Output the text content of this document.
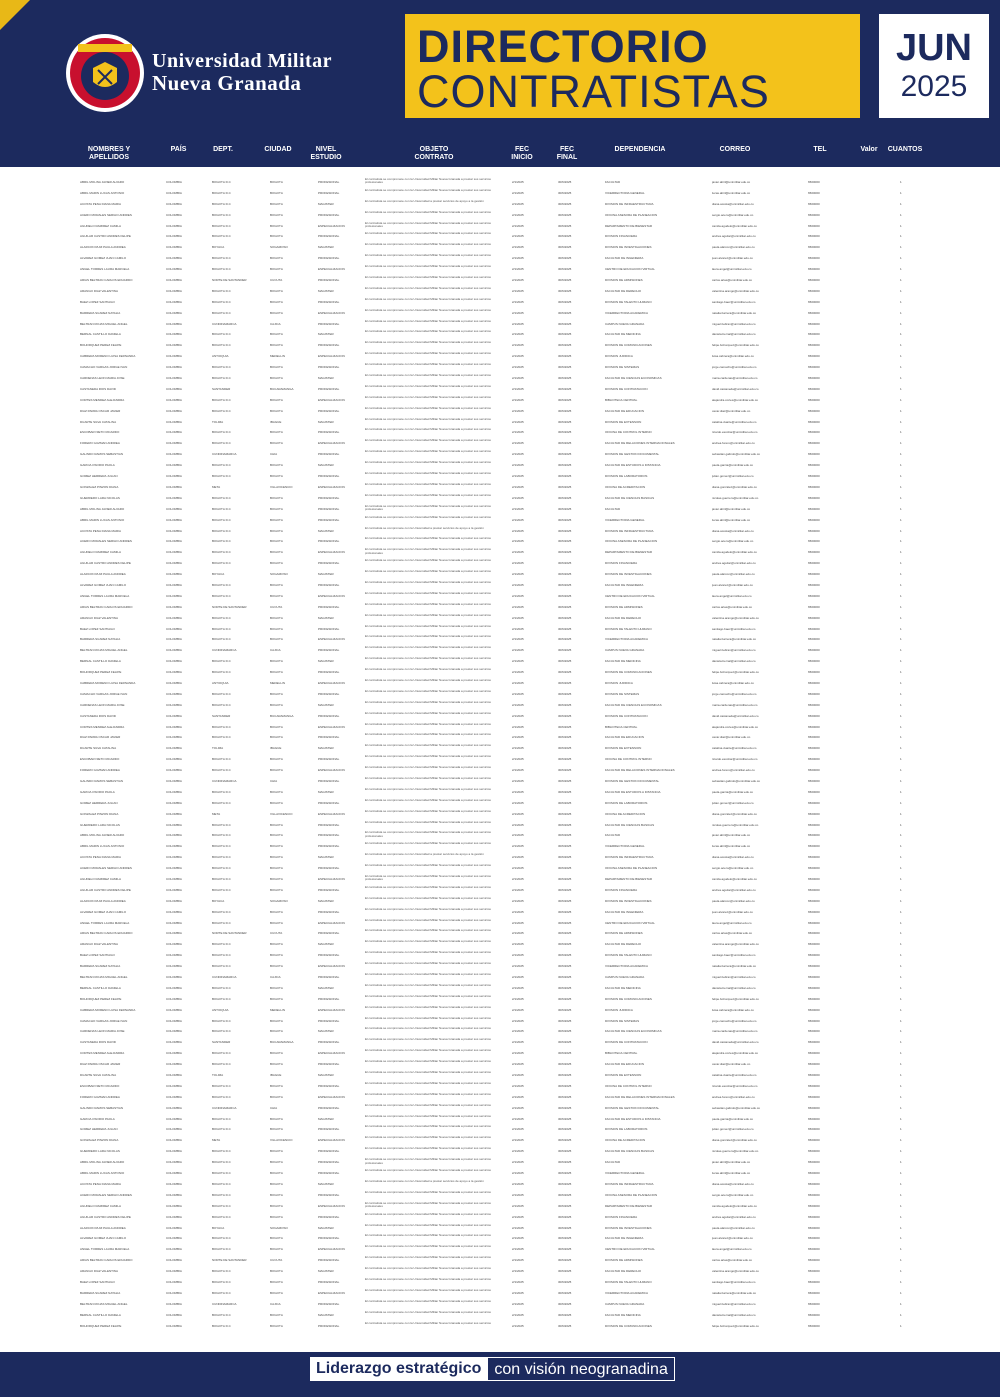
Universidad Militar
Nueva Granada
DIRECTORIO
CONTRATISTAS
JUN
2025
NOMBRES Y APELLIDOS
PAÍS	DEPT.	CIUDAD	NIVEL ESTUDIO
OBJETO CONTRATO
FEC INICIO
FEC FINAL
DEPENDENCIA	CORREO	TEL	Valor	CUANTOS
ABRIL MOLINA JAVIER ALVARO	COLOMBIA	BOGOTÁ D.C	BOGOTÁ	PROFESIONAL
El contratista se compromete con la Universidad Militar Nueva Granada a prestar sus servicios profesionales	2/1/2025	30/6/2025	FACULTAD	javier.abril@unimilitar.edu.co	6500000	1
ABRIL MARIN LUCAS ANTONIO	COLOMBIA	BOGOTÁ D.C	BOGOTÁ	PROFESIONAL
El contratista se compromete con la Universidad Militar Nueva Granada a prestar sus servicios
2/1/2025	30/6/2025	VICERRECTORIA GENERAL	lucas.abril@unimilitar.edu.co	6500000	1
ACOSTA PEÑA DIANA MARIA	COLOMBIA	BOGOTÁ D.C	BOGOTÁ	MAGISTER
El contratista se compromete con la Universidad a prestar servicios de apoyo a la gestión
2/1/2025	30/6/2025	DIVISIÓN DE INFRAESTRUCTURA	diana.acosta@unimilitar.edu.co	6500000	1
ACERO MORALES SERGIO ANDRES	COLOMBIA	BOGOTÁ D.C	BOGOTÁ	PROFESIONAL
El contratista se compromete con la Universidad Militar Nueva Granada a prestar sus servicios
2/1/2025	30/6/2025	OFICINA ASESORA DE PLANEACIÓN	sergio.acero@unimilitar.edu.co	6500000	1
AGUDELO RAMIREZ CAMILA	COLOMBIA	BOGOTÁ D.C	BOGOTÁ	ESPECIALIZACIÓN
El contratista se compromete con la Universidad Militar Nueva Granada a prestar sus servicios profesionales	2/1/2025	30/6/2025	DEPARTAMENTO DE BIENESTAR	camila.agudelo@unimilitar.edu.co	6500000	1
AGUILAR CASTRO ANDRES FELIPE	COLOMBIA	BOGOTÁ D.C	BOGOTÁ	PROFESIONAL
El contratista se compromete con la Universidad Militar Nueva Granada a prestar sus servicios
2/1/2025	30/6/2025	DIVISIÓN FINANCIERA	andres.aguilar@unimilitar.edu.co	6500000	1
ALARCON RUIZ PAULA ANDREA	COLOMBIA	BOYACÁ	SOGAMOSO	MAGISTER
El contratista se compromete con la Universidad Militar Nueva Granada a prestar sus servicios
2/1/2025	30/6/2025	DIVISIÓN DE INVESTIGACIONES	paula.alarcon@unimilitar.edu.co	6500000	1
ALVAREZ GOMEZ JUAN CAMILO	COLOMBIA	BOGOTÁ D.C	BOGOTÁ	PROFESIONAL
El contratista se compromete con la Universidad Militar Nueva Granada a prestar sus servicios
2/1/2025	30/6/2025	FACULTAD DE INGENIERÍA	juan.alvarez@unimilitar.edu.co	6500000	1
ANGEL TORRES LAURA MARCELA	COLOMBIA	BOGOTÁ D.C	BOGOTÁ	ESPECIALIZACIÓN
El contratista se compromete con la Universidad Militar Nueva Granada a prestar sus servicios
2/1/2025	30/6/2025	CENTRO DE EDUCACIÓN VIRTUAL	laura.angel@unimilitar.edu.co	6500000	1
ARIAS BELTRAN CARLOS EDUARDO	COLOMBIA	NORTE DE SANTANDER	CÚCUTA	PROFESIONAL
El contratista se compromete con la Universidad Militar Nueva Granada a prestar sus servicios
2/1/2025	30/6/2025	DIVISIÓN DE ADMISIONES	carlos.arias@unimilitar.edu.co	6500000	1
ARANGO DIAZ VALENTINA	COLOMBIA	BOGOTÁ D.C	BOGOTÁ	MAGISTER
El contratista se compromete con la Universidad Militar Nueva Granada a prestar sus servicios
2/1/2025	30/6/2025	FACULTAD DE DERECHO	valentina.arango@unimilitar.edu.co	6500000	1
BAEZ LOPEZ SANTIAGO	COLOMBIA	BOGOTÁ D.C	BOGOTÁ	PROFESIONAL
El contratista se compromete con la Universidad Militar Nueva Granada a prestar sus servicios
2/1/2025	30/6/2025	DIVISIÓN DE TALENTO HUMANO	santiago.baez@unimilitar.edu.co	6500000	1
BARRERA SUAREZ NATALIA	COLOMBIA	BOGOTÁ D.C	BOGOTÁ	ESPECIALIZACIÓN
El contratista se compromete con la Universidad Militar Nueva Granada a prestar sus servicios
2/1/2025	30/6/2025	VICERRECTORIA ACADÉMICA	natalia.barrera@unimilitar.edu.co	6500000	1
BELTRAN ROJAS MIGUEL ANGEL	COLOMBIA	CUNDINAMARCA	CAJICÁ	PROFESIONAL
El contratista se compromete con la Universidad Militar Nueva Granada a prestar sus servicios
2/1/2025	30/6/2025	CAMPUS NUEVA GRANADA	miguel.beltran@unimilitar.edu.co	6500000	1
BERNAL CASTILLO DANIELA	COLOMBIA	BOGOTÁ D.C	BOGOTÁ	MAGISTER
El contratista se compromete con la Universidad Militar Nueva Granada a prestar sus servicios
2/1/2025	30/6/2025	FACULTAD DE MEDICINA	daniela.bernal@unimilitar.edu.co	6500000	1
BOHORQUEZ PEREZ FELIPE	COLOMBIA	BOGOTÁ D.C	BOGOTÁ	PROFESIONAL
El contratista se compromete con la Universidad Militar Nueva Granada a prestar sus servicios
2/1/2025	30/6/2025	DIVISIÓN DE COMUNICACIONES	felipe.bohorquez@unimilitar.edu.co	6500000	1
CABRERA MORENO LUISA FERNANDA	COLOMBIA	ANTIOQUIA	MEDELLÍN	ESPECIALIZACIÓN
El contratista se compromete con la Universidad Militar Nueva Granada a prestar sus servicios
2/1/2025	30/6/2025	DIVISIÓN JURÍDICA	luisa.cabrera@unimilitar.edu.co	6500000	1
CAMACHO VARGAS JORGE IVAN	COLOMBIA	BOGOTÁ D.C	BOGOTÁ	PROFESIONAL
El contratista se compromete con la Universidad Militar Nueva Granada a prestar sus servicios
2/1/2025	30/6/2025	DIVISIÓN DE SISTEMAS	jorge.camacho@unimilitar.edu.co	6500000	1
CARDENAS LEON MARIA JOSE	COLOMBIA	BOGOTÁ D.C	BOGOTÁ	MAGISTER
El contratista se compromete con la Universidad Militar Nueva Granada a prestar sus servicios
2/1/2025	30/6/2025	FACULTAD DE CIENCIAS ECONÓMICAS	maria.cardenas@unimilitar.edu.co	6500000	1
CASTAÑEDA RIOS DAVID	COLOMBIA	SANTANDER	BUCARAMANGA	PROFESIONAL
El contratista se compromete con la Universidad Militar Nueva Granada a prestar sus servicios
2/1/2025	30/6/2025	DIVISIÓN DE CONTRATACIÓN	david.castaneda@unimilitar.edu.co	6500000	1
CORTES MENDEZ ALEJANDRA	COLOMBIA	BOGOTÁ D.C	BOGOTÁ	ESPECIALIZACIÓN
El contratista se compromete con la Universidad Militar Nueva Granada a prestar sus servicios
2/1/2025	30/6/2025	BIBLIOTECA CENTRAL	alejandra.cortes@unimilitar.edu.co	6500000	1
DIAZ PARRA OSCAR JAVIER	COLOMBIA	BOGOTÁ D.C	BOGOTÁ	PROFESIONAL
El contratista se compromete con la Universidad Militar Nueva Granada a prestar sus servicios
2/1/2025	30/6/2025	FACULTAD DE EDUCACIÓN	oscar.diaz@unimilitar.edu.co	6500000	1
DUARTE SILVA CATALINA	COLOMBIA	TOLIMA	IBAGUÉ	MAGISTER
El contratista se compromete con la Universidad Militar Nueva Granada a prestar sus servicios
2/1/2025	30/6/2025	DIVISIÓN DE EXTENSIÓN	catalina.duarte@unimilitar.edu.co	6500000	1
ESCOBAR NIETO RICARDO	COLOMBIA	BOGOTÁ D.C	BOGOTÁ	PROFESIONAL
El contratista se compromete con la Universidad Militar Nueva Granada a prestar sus servicios
2/1/2025	30/6/2025	OFICINA DE CONTROL INTERNO	ricardo.escobar@unimilitar.edu.co	6500000	1
FORERO GUZMAN ANDREA	COLOMBIA	BOGOTÁ D.C	BOGOTÁ	ESPECIALIZACIÓN
El contratista se compromete con la Universidad Militar Nueva Granada a prestar sus servicios
2/1/2025	30/6/2025	FACULTAD DE RELACIONES INTERNACIONALES	andrea.forero@unimilitar.edu.co	6500000	1
GALINDO RAMOS SEBASTIAN	COLOMBIA	CUNDINAMARCA	CHÍA	PROFESIONAL
El contratista se compromete con la Universidad Militar Nueva Granada a prestar sus servicios
2/1/2025	30/6/2025	DIVISIÓN DE GESTIÓN DOCUMENTAL	sebastian.galindo@unimilitar.edu.co	6500000	1
GARCIA OSORIO PAOLA	COLOMBIA	BOGOTÁ D.C	BOGOTÁ	MAGISTER
El contratista se compromete con la Universidad Militar Nueva Granada a prestar sus servicios
2/1/2025	30/6/2025	FACULTAD DE ESTUDIOS A DISTANCIA	paola.garcia@unimilitar.edu.co	6500000	1
GOMEZ HERRERA JULIAN	COLOMBIA	BOGOTÁ D.C	BOGOTÁ	PROFESIONAL
El contratista se compromete con la Universidad Militar Nueva Granada a prestar sus servicios
2/1/2025	30/6/2025	DIVISIÓN DE LABORATORIOS	julian.gomez@unimilitar.edu.co	6500000	1
GONZALEZ PINZON DIANA	COLOMBIA	META	VILLAVICENCIO	ESPECIALIZACIÓN
El contratista se compromete con la Universidad Militar Nueva Granada a prestar sus servicios
2/1/2025	30/6/2025	OFICINA DE ACREDITACIÓN	diana.gonzalez@unimilitar.edu.co	6500000	1
GUERRERO LARA NICOLAS	COLOMBIA	BOGOTÁ D.C	BOGOTÁ	PROFESIONAL
El contratista se compromete con la Universidad Militar Nueva Granada a prestar sus servicios
2/1/2025	30/6/2025	FACULTAD DE CIENCIAS BÁSICAS	nicolas.guerrero@unimilitar.edu.co	6500000	1
ABRIL MOLINA JAVIER ALVARO	COLOMBIA	BOGOTÁ D.C	BOGOTÁ	PROFESIONAL
El contratista se compromete con la Universidad Militar Nueva Granada a prestar sus servicios profesionales	2/1/2025	30/6/2025	FACULTAD	javier.abril@unimilitar.edu.co	6500000	1
ABRIL MARIN LUCAS ANTONIO	COLOMBIA	BOGOTÁ D.C	BOGOTÁ	PROFESIONAL
El contratista se compromete con la Universidad Militar Nueva Granada a prestar sus servicios
2/1/2025	30/6/2025	VICERRECTORIA GENERAL	lucas.abril@unimilitar.edu.co	6500000	1
ACOSTA PEÑA DIANA MARIA	COLOMBIA	BOGOTÁ D.C	BOGOTÁ	MAGISTER
El contratista se compromete con la Universidad a prestar servicios de apoyo a la gestión
2/1/2025	30/6/2025	DIVISIÓN DE INFRAESTRUCTURA	diana.acosta@unimilitar.edu.co	6500000	1
ACERO MORALES SERGIO ANDRES	COLOMBIA	BOGOTÁ D.C	BOGOTÁ	PROFESIONAL
El contratista se compromete con la Universidad Militar Nueva Granada a prestar sus servicios
2/1/2025	30/6/2025	OFICINA ASESORA DE PLANEACIÓN	sergio.acero@unimilitar.edu.co	6500000	1
AGUDELO RAMIREZ CAMILA	COLOMBIA	BOGOTÁ D.C	BOGOTÁ	ESPECIALIZACIÓN
El contratista se compromete con la Universidad Militar Nueva Granada a prestar sus servicios profesionales	2/1/2025	30/6/2025	DEPARTAMENTO DE BIENESTAR	camila.agudelo@unimilitar.edu.co	6500000	1
AGUILAR CASTRO ANDRES FELIPE	COLOMBIA	BOGOTÁ D.C	BOGOTÁ	PROFESIONAL
El contratista se compromete con la Universidad Militar Nueva Granada a prestar sus servicios
2/1/2025	30/6/2025	DIVISIÓN FINANCIERA	andres.aguilar@unimilitar.edu.co	6500000	1
ALARCON RUIZ PAULA ANDREA	COLOMBIA	BOYACÁ	SOGAMOSO	MAGISTER
El contratista se compromete con la Universidad Militar Nueva Granada a prestar sus servicios
2/1/2025	30/6/2025	DIVISIÓN DE INVESTIGACIONES	paula.alarcon@unimilitar.edu.co	6500000	1
ALVAREZ GOMEZ JUAN CAMILO	COLOMBIA	BOGOTÁ D.C	BOGOTÁ	PROFESIONAL
El contratista se compromete con la Universidad Militar Nueva Granada a prestar sus servicios
2/1/2025	30/6/2025	FACULTAD DE INGENIERÍA	juan.alvarez@unimilitar.edu.co	6500000	1
ANGEL TORRES LAURA MARCELA	COLOMBIA	BOGOTÁ D.C	BOGOTÁ	ESPECIALIZACIÓN
El contratista se compromete con la Universidad Militar Nueva Granada a prestar sus servicios
2/1/2025	30/6/2025	CENTRO DE EDUCACIÓN VIRTUAL	laura.angel@unimilitar.edu.co	6500000	1
ARIAS BELTRAN CARLOS EDUARDO	COLOMBIA	NORTE DE SANTANDER	CÚCUTA	PROFESIONAL
El contratista se compromete con la Universidad Militar Nueva Granada a prestar sus servicios
2/1/2025	30/6/2025	DIVISIÓN DE ADMISIONES	carlos.arias@unimilitar.edu.co	6500000	1
ARANGO DIAZ VALENTINA	COLOMBIA	BOGOTÁ D.C	BOGOTÁ	MAGISTER
El contratista se compromete con la Universidad Militar Nueva Granada a prestar sus servicios
2/1/2025	30/6/2025	FACULTAD DE DERECHO	valentina.arango@unimilitar.edu.co	6500000	1
BAEZ LOPEZ SANTIAGO	COLOMBIA	BOGOTÁ D.C	BOGOTÁ	PROFESIONAL
El contratista se compromete con la Universidad Militar Nueva Granada a prestar sus servicios
2/1/2025	30/6/2025	DIVISIÓN DE TALENTO HUMANO	santiago.baez@unimilitar.edu.co	6500000	1
BARRERA SUAREZ NATALIA	COLOMBIA	BOGOTÁ D.C	BOGOTÁ	ESPECIALIZACIÓN
El contratista se compromete con la Universidad Militar Nueva Granada a prestar sus servicios
2/1/2025	30/6/2025	VICERRECTORIA ACADÉMICA	natalia.barrera@unimilitar.edu.co	6500000	1
BELTRAN ROJAS MIGUEL ANGEL	COLOMBIA	CUNDINAMARCA	CAJICÁ	PROFESIONAL
El contratista se compromete con la Universidad Militar Nueva Granada a prestar sus servicios
2/1/2025	30/6/2025	CAMPUS NUEVA GRANADA	miguel.beltran@unimilitar.edu.co	6500000	1
BERNAL CASTILLO DANIELA	COLOMBIA	BOGOTÁ D.C	BOGOTÁ	MAGISTER
El contratista se compromete con la Universidad Militar Nueva Granada a prestar sus servicios
2/1/2025	30/6/2025	FACULTAD DE MEDICINA	daniela.bernal@unimilitar.edu.co	6500000	1
BOHORQUEZ PEREZ FELIPE	COLOMBIA	BOGOTÁ D.C	BOGOTÁ	PROFESIONAL
El contratista se compromete con la Universidad Militar Nueva Granada a prestar sus servicios
2/1/2025	30/6/2025	DIVISIÓN DE COMUNICACIONES	felipe.bohorquez@unimilitar.edu.co	6500000	1
CABRERA MORENO LUISA FERNANDA	COLOMBIA	ANTIOQUIA	MEDELLÍN	ESPECIALIZACIÓN
El contratista se compromete con la Universidad Militar Nueva Granada a prestar sus servicios
2/1/2025	30/6/2025	DIVISIÓN JURÍDICA	luisa.cabrera@unimilitar.edu.co	6500000	1
CAMACHO VARGAS JORGE IVAN	COLOMBIA	BOGOTÁ D.C	BOGOTÁ	PROFESIONAL
El contratista se compromete con la Universidad Militar Nueva Granada a prestar sus servicios
2/1/2025	30/6/2025	DIVISIÓN DE SISTEMAS	jorge.camacho@unimilitar.edu.co	6500000	1
CARDENAS LEON MARIA JOSE	COLOMBIA	BOGOTÁ D.C	BOGOTÁ	MAGISTER
El contratista se compromete con la Universidad Militar Nueva Granada a prestar sus servicios
2/1/2025	30/6/2025	FACULTAD DE CIENCIAS ECONÓMICAS	maria.cardenas@unimilitar.edu.co	6500000	1
CASTAÑEDA RIOS DAVID	COLOMBIA	SANTANDER	BUCARAMANGA	PROFESIONAL
El contratista se compromete con la Universidad Militar Nueva Granada a prestar sus servicios
2/1/2025	30/6/2025	DIVISIÓN DE CONTRATACIÓN	david.castaneda@unimilitar.edu.co	6500000	1
CORTES MENDEZ ALEJANDRA	COLOMBIA	BOGOTÁ D.C	BOGOTÁ	ESPECIALIZACIÓN
El contratista se compromete con la Universidad Militar Nueva Granada a prestar sus servicios
2/1/2025	30/6/2025	BIBLIOTECA CENTRAL	alejandra.cortes@unimilitar.edu.co	6500000	1
DIAZ PARRA OSCAR JAVIER	COLOMBIA	BOGOTÁ D.C	BOGOTÁ	PROFESIONAL
El contratista se compromete con la Universidad Militar Nueva Granada a prestar sus servicios
2/1/2025	30/6/2025	FACULTAD DE EDUCACIÓN	oscar.diaz@unimilitar.edu.co	6500000	1
DUARTE SILVA CATALINA	COLOMBIA	TOLIMA	IBAGUÉ	MAGISTER
El contratista se compromete con la Universidad Militar Nueva Granada a prestar sus servicios
2/1/2025	30/6/2025	DIVISIÓN DE EXTENSIÓN	catalina.duarte@unimilitar.edu.co	6500000	1
ESCOBAR NIETO RICARDO	COLOMBIA	BOGOTÁ D.C	BOGOTÁ	PROFESIONAL
El contratista se compromete con la Universidad Militar Nueva Granada a prestar sus servicios
2/1/2025	30/6/2025	OFICINA DE CONTROL INTERNO	ricardo.escobar@unimilitar.edu.co	6500000	1
FORERO GUZMAN ANDREA	COLOMBIA	BOGOTÁ D.C	BOGOTÁ	ESPECIALIZACIÓN
El contratista se compromete con la Universidad Militar Nueva Granada a prestar sus servicios
2/1/2025	30/6/2025	FACULTAD DE RELACIONES INTERNACIONALES	andrea.forero@unimilitar.edu.co	6500000	1
GALINDO RAMOS SEBASTIAN	COLOMBIA	CUNDINAMARCA	CHÍA	PROFESIONAL
El contratista se compromete con la Universidad Militar Nueva Granada a prestar sus servicios
2/1/2025	30/6/2025	DIVISIÓN DE GESTIÓN DOCUMENTAL	sebastian.galindo@unimilitar.edu.co	6500000	1
GARCIA OSORIO PAOLA	COLOMBIA	BOGOTÁ D.C	BOGOTÁ	MAGISTER
El contratista se compromete con la Universidad Militar Nueva Granada a prestar sus servicios
2/1/2025	30/6/2025	FACULTAD DE ESTUDIOS A DISTANCIA	paola.garcia@unimilitar.edu.co	6500000	1
GOMEZ HERRERA JULIAN	COLOMBIA	BOGOTÁ D.C	BOGOTÁ	PROFESIONAL
El contratista se compromete con la Universidad Militar Nueva Granada a prestar sus servicios
2/1/2025	30/6/2025	DIVISIÓN DE LABORATORIOS	julian.gomez@unimilitar.edu.co	6500000	1
GONZALEZ PINZON DIANA	COLOMBIA	META	VILLAVICENCIO	ESPECIALIZACIÓN
El contratista se compromete con la Universidad Militar Nueva Granada a prestar sus servicios
2/1/2025	30/6/2025	OFICINA DE ACREDITACIÓN	diana.gonzalez@unimilitar.edu.co	6500000	1
GUERRERO LARA NICOLAS	COLOMBIA	BOGOTÁ D.C	BOGOTÁ	PROFESIONAL
El contratista se compromete con la Universidad Militar Nueva Granada a prestar sus servicios
2/1/2025	30/6/2025	FACULTAD DE CIENCIAS BÁSICAS	nicolas.guerrero@unimilitar.edu.co	6500000	1
ABRIL MOLINA JAVIER ALVARO	COLOMBIA	BOGOTÁ D.C	BOGOTÁ	PROFESIONAL
El contratista se compromete con la Universidad Militar Nueva Granada a prestar sus servicios profesionales	2/1/2025	30/6/2025	FACULTAD	javier.abril@unimilitar.edu.co	6500000	1
ABRIL MARIN LUCAS ANTONIO	COLOMBIA	BOGOTÁ D.C	BOGOTÁ	PROFESIONAL
El contratista se compromete con la Universidad Militar Nueva Granada a prestar sus servicios
2/1/2025	30/6/2025	VICERRECTORIA GENERAL	lucas.abril@unimilitar.edu.co	6500000	1
ACOSTA PEÑA DIANA MARIA	COLOMBIA	BOGOTÁ D.C	BOGOTÁ	MAGISTER
El contratista se compromete con la Universidad a prestar servicios de apoyo a la gestión
2/1/2025	30/6/2025	DIVISIÓN DE INFRAESTRUCTURA	diana.acosta@unimilitar.edu.co	6500000	1
ACERO MORALES SERGIO ANDRES	COLOMBIA	BOGOTÁ D.C	BOGOTÁ	PROFESIONAL
El contratista se compromete con la Universidad Militar Nueva Granada a prestar sus servicios
2/1/2025	30/6/2025	OFICINA ASESORA DE PLANEACIÓN	sergio.acero@unimilitar.edu.co	6500000	1
AGUDELO RAMIREZ CAMILA	COLOMBIA	BOGOTÁ D.C	BOGOTÁ	ESPECIALIZACIÓN
El contratista se compromete con la Universidad Militar Nueva Granada a prestar sus servicios profesionales	2/1/2025	30/6/2025	DEPARTAMENTO DE BIENESTAR	camila.agudelo@unimilitar.edu.co	6500000	1
AGUILAR CASTRO ANDRES FELIPE	COLOMBIA	BOGOTÁ D.C	BOGOTÁ	PROFESIONAL
El contratista se compromete con la Universidad Militar Nueva Granada a prestar sus servicios
2/1/2025	30/6/2025	DIVISIÓN FINANCIERA	andres.aguilar@unimilitar.edu.co	6500000	1
ALARCON RUIZ PAULA ANDREA	COLOMBIA	BOYACÁ	SOGAMOSO	MAGISTER
El contratista se compromete con la Universidad Militar Nueva Granada a prestar sus servicios
2/1/2025	30/6/2025	DIVISIÓN DE INVESTIGACIONES	paula.alarcon@unimilitar.edu.co	6500000	1
ALVAREZ GOMEZ JUAN CAMILO	COLOMBIA	BOGOTÁ D.C	BOGOTÁ	PROFESIONAL
El contratista se compromete con la Universidad Militar Nueva Granada a prestar sus servicios
2/1/2025	30/6/2025	FACULTAD DE INGENIERÍA	juan.alvarez@unimilitar.edu.co	6500000	1
ANGEL TORRES LAURA MARCELA	COLOMBIA	BOGOTÁ D.C	BOGOTÁ	ESPECIALIZACIÓN
El contratista se compromete con la Universidad Militar Nueva Granada a prestar sus servicios
2/1/2025	30/6/2025	CENTRO DE EDUCACIÓN VIRTUAL	laura.angel@unimilitar.edu.co	6500000	1
ARIAS BELTRAN CARLOS EDUARDO	COLOMBIA	NORTE DE SANTANDER	CÚCUTA	PROFESIONAL
El contratista se compromete con la Universidad Militar Nueva Granada a prestar sus servicios
2/1/2025	30/6/2025	DIVISIÓN DE ADMISIONES	carlos.arias@unimilitar.edu.co	6500000	1
ARANGO DIAZ VALENTINA	COLOMBIA	BOGOTÁ D.C	BOGOTÁ	MAGISTER
El contratista se compromete con la Universidad Militar Nueva Granada a prestar sus servicios
2/1/2025	30/6/2025	FACULTAD DE DERECHO	valentina.arango@unimilitar.edu.co	6500000	1
BAEZ LOPEZ SANTIAGO	COLOMBIA	BOGOTÁ D.C	BOGOTÁ	PROFESIONAL
El contratista se compromete con la Universidad Militar Nueva Granada a prestar sus servicios
2/1/2025	30/6/2025	DIVISIÓN DE TALENTO HUMANO	santiago.baez@unimilitar.edu.co	6500000	1
BARRERA SUAREZ NATALIA	COLOMBIA	BOGOTÁ D.C	BOGOTÁ	ESPECIALIZACIÓN
El contratista se compromete con la Universidad Militar Nueva Granada a prestar sus servicios
2/1/2025	30/6/2025	VICERRECTORIA ACADÉMICA	natalia.barrera@unimilitar.edu.co	6500000	1
BELTRAN ROJAS MIGUEL ANGEL	COLOMBIA	CUNDINAMARCA	CAJICÁ	PROFESIONAL
El contratista se compromete con la Universidad Militar Nueva Granada a prestar sus servicios
2/1/2025	30/6/2025	CAMPUS NUEVA GRANADA	miguel.beltran@unimilitar.edu.co	6500000	1
BERNAL CASTILLO DANIELA	COLOMBIA	BOGOTÁ D.C	BOGOTÁ	MAGISTER
El contratista se compromete con la Universidad Militar Nueva Granada a prestar sus servicios
2/1/2025	30/6/2025	FACULTAD DE MEDICINA	daniela.bernal@unimilitar.edu.co	6500000	1
BOHORQUEZ PEREZ FELIPE	COLOMBIA	BOGOTÁ D.C	BOGOTÁ	PROFESIONAL
El contratista se compromete con la Universidad Militar Nueva Granada a prestar sus servicios
2/1/2025	30/6/2025	DIVISIÓN DE COMUNICACIONES	felipe.bohorquez@unimilitar.edu.co	6500000	1
CABRERA MORENO LUISA FERNANDA	COLOMBIA	ANTIOQUIA	MEDELLÍN	ESPECIALIZACIÓN
El contratista se compromete con la Universidad Militar Nueva Granada a prestar sus servicios
2/1/2025	30/6/2025	DIVISIÓN JURÍDICA	luisa.cabrera@unimilitar.edu.co	6500000	1
CAMACHO VARGAS JORGE IVAN	COLOMBIA	BOGOTÁ D.C	BOGOTÁ	PROFESIONAL
El contratista se compromete con la Universidad Militar Nueva Granada a prestar sus servicios
2/1/2025	30/6/2025	DIVISIÓN DE SISTEMAS	jorge.camacho@unimilitar.edu.co	6500000	1
CARDENAS LEON MARIA JOSE	COLOMBIA	BOGOTÁ D.C	BOGOTÁ	MAGISTER
El contratista se compromete con la Universidad Militar Nueva Granada a prestar sus servicios
2/1/2025	30/6/2025	FACULTAD DE CIENCIAS ECONÓMICAS	maria.cardenas@unimilitar.edu.co	6500000	1
CASTAÑEDA RIOS DAVID	COLOMBIA	SANTANDER	BUCARAMANGA	PROFESIONAL
El contratista se compromete con la Universidad Militar Nueva Granada a prestar sus servicios
2/1/2025	30/6/2025	DIVISIÓN DE CONTRATACIÓN	david.castaneda@unimilitar.edu.co	6500000	1
CORTES MENDEZ ALEJANDRA	COLOMBIA	BOGOTÁ D.C	BOGOTÁ	ESPECIALIZACIÓN
El contratista se compromete con la Universidad Militar Nueva Granada a prestar sus servicios
2/1/2025	30/6/2025	BIBLIOTECA CENTRAL	alejandra.cortes@unimilitar.edu.co	6500000	1
DIAZ PARRA OSCAR JAVIER	COLOMBIA	BOGOTÁ D.C	BOGOTÁ	PROFESIONAL
El contratista se compromete con la Universidad Militar Nueva Granada a prestar sus servicios
2/1/2025	30/6/2025	FACULTAD DE EDUCACIÓN	oscar.diaz@unimilitar.edu.co	6500000	1
DUARTE SILVA CATALINA	COLOMBIA	TOLIMA	IBAGUÉ	MAGISTER
El contratista se compromete con la Universidad Militar Nueva Granada a prestar sus servicios
2/1/2025	30/6/2025	DIVISIÓN DE EXTENSIÓN	catalina.duarte@unimilitar.edu.co	6500000	1
ESCOBAR NIETO RICARDO	COLOMBIA	BOGOTÁ D.C	BOGOTÁ	PROFESIONAL
El contratista se compromete con la Universidad Militar Nueva Granada a prestar sus servicios
2/1/2025	30/6/2025	OFICINA DE CONTROL INTERNO	ricardo.escobar@unimilitar.edu.co	6500000	1
FORERO GUZMAN ANDREA	COLOMBIA	BOGOTÁ D.C	BOGOTÁ	ESPECIALIZACIÓN
El contratista se compromete con la Universidad Militar Nueva Granada a prestar sus servicios
2/1/2025	30/6/2025	FACULTAD DE RELACIONES INTERNACIONALES	andrea.forero@unimilitar.edu.co	6500000	1
GALINDO RAMOS SEBASTIAN	COLOMBIA	CUNDINAMARCA	CHÍA	PROFESIONAL
El contratista se compromete con la Universidad Militar Nueva Granada a prestar sus servicios
2/1/2025	30/6/2025	DIVISIÓN DE GESTIÓN DOCUMENTAL	sebastian.galindo@unimilitar.edu.co	6500000	1
GARCIA OSORIO PAOLA	COLOMBIA	BOGOTÁ D.C	BOGOTÁ	MAGISTER
El contratista se compromete con la Universidad Militar Nueva Granada a prestar sus servicios
2/1/2025	30/6/2025	FACULTAD DE ESTUDIOS A DISTANCIA	paola.garcia@unimilitar.edu.co	6500000	1
GOMEZ HERRERA JULIAN	COLOMBIA	BOGOTÁ D.C	BOGOTÁ	PROFESIONAL
El contratista se compromete con la Universidad Militar Nueva Granada a prestar sus servicios
2/1/2025	30/6/2025	DIVISIÓN DE LABORATORIOS	julian.gomez@unimilitar.edu.co	6500000	1
GONZALEZ PINZON DIANA	COLOMBIA	META	VILLAVICENCIO	ESPECIALIZACIÓN
El contratista se compromete con la Universidad Militar Nueva Granada a prestar sus servicios
2/1/2025	30/6/2025	OFICINA DE ACREDITACIÓN	diana.gonzalez@unimilitar.edu.co	6500000	1
GUERRERO LARA NICOLAS	COLOMBIA	BOGOTÁ D.C	BOGOTÁ	PROFESIONAL
El contratista se compromete con la Universidad Militar Nueva Granada a prestar sus servicios
2/1/2025	30/6/2025	FACULTAD DE CIENCIAS BÁSICAS	nicolas.guerrero@unimilitar.edu.co	6500000	1
ABRIL MOLINA JAVIER ALVARO	COLOMBIA	BOGOTÁ D.C	BOGOTÁ	PROFESIONAL
El contratista se compromete con la Universidad Militar Nueva Granada a prestar sus servicios profesionales	2/1/2025	30/6/2025	FACULTAD	javier.abril@unimilitar.edu.co	6500000	1
ABRIL MARIN LUCAS ANTONIO	COLOMBIA	BOGOTÁ D.C	BOGOTÁ	PROFESIONAL
El contratista se compromete con la Universidad Militar Nueva Granada a prestar sus servicios
2/1/2025	30/6/2025	VICERRECTORIA GENERAL	lucas.abril@unimilitar.edu.co	6500000	1
ACOSTA PEÑA DIANA MARIA	COLOMBIA	BOGOTÁ D.C	BOGOTÁ	MAGISTER
El contratista se compromete con la Universidad a prestar servicios de apoyo a la gestión
2/1/2025	30/6/2025	DIVISIÓN DE INFRAESTRUCTURA	diana.acosta@unimilitar.edu.co	6500000	1
ACERO MORALES SERGIO ANDRES	COLOMBIA	BOGOTÁ D.C	BOGOTÁ	PROFESIONAL
El contratista se compromete con la Universidad Militar Nueva Granada a prestar sus servicios
2/1/2025	30/6/2025	OFICINA ASESORA DE PLANEACIÓN	sergio.acero@unimilitar.edu.co	6500000	1
AGUDELO RAMIREZ CAMILA	COLOMBIA	BOGOTÁ D.C	BOGOTÁ	ESPECIALIZACIÓN
El contratista se compromete con la Universidad Militar Nueva Granada a prestar sus servicios profesionales	2/1/2025	30/6/2025	DEPARTAMENTO DE BIENESTAR	camila.agudelo@unimilitar.edu.co	6500000	1
AGUILAR CASTRO ANDRES FELIPE	COLOMBIA	BOGOTÁ D.C	BOGOTÁ	PROFESIONAL
El contratista se compromete con la Universidad Militar Nueva Granada a prestar sus servicios
2/1/2025	30/6/2025	DIVISIÓN FINANCIERA	andres.aguilar@unimilitar.edu.co	6500000	1
ALARCON RUIZ PAULA ANDREA	COLOMBIA	BOYACÁ	SOGAMOSO	MAGISTER
El contratista se compromete con la Universidad Militar Nueva Granada a prestar sus servicios
2/1/2025	30/6/2025	DIVISIÓN DE INVESTIGACIONES	paula.alarcon@unimilitar.edu.co	6500000	1
ALVAREZ GOMEZ JUAN CAMILO	COLOMBIA	BOGOTÁ D.C	BOGOTÁ	PROFESIONAL
El contratista se compromete con la Universidad Militar Nueva Granada a prestar sus servicios
2/1/2025	30/6/2025	FACULTAD DE INGENIERÍA	juan.alvarez@unimilitar.edu.co	6500000	1
ANGEL TORRES LAURA MARCELA	COLOMBIA	BOGOTÁ D.C	BOGOTÁ	ESPECIALIZACIÓN
El contratista se compromete con la Universidad Militar Nueva Granada a prestar sus servicios
2/1/2025	30/6/2025	CENTRO DE EDUCACIÓN VIRTUAL	laura.angel@unimilitar.edu.co	6500000	1
ARIAS BELTRAN CARLOS EDUARDO	COLOMBIA	NORTE DE SANTANDER	CÚCUTA	PROFESIONAL
El contratista se compromete con la Universidad Militar Nueva Granada a prestar sus servicios
2/1/2025	30/6/2025	DIVISIÓN DE ADMISIONES	carlos.arias@unimilitar.edu.co	6500000	1
ARANGO DIAZ VALENTINA	COLOMBIA	BOGOTÁ D.C	BOGOTÁ	MAGISTER
El contratista se compromete con la Universidad Militar Nueva Granada a prestar sus servicios
2/1/2025	30/6/2025	FACULTAD DE DERECHO	valentina.arango@unimilitar.edu.co	6500000	1
BAEZ LOPEZ SANTIAGO	COLOMBIA	BOGOTÁ D.C	BOGOTÁ	PROFESIONAL
El contratista se compromete con la Universidad Militar Nueva Granada a prestar sus servicios
2/1/2025	30/6/2025	DIVISIÓN DE TALENTO HUMANO	santiago.baez@unimilitar.edu.co	6500000	1
BARRERA SUAREZ NATALIA	COLOMBIA	BOGOTÁ D.C	BOGOTÁ	ESPECIALIZACIÓN
El contratista se compromete con la Universidad Militar Nueva Granada a prestar sus servicios
2/1/2025	30/6/2025	VICERRECTORIA ACADÉMICA	natalia.barrera@unimilitar.edu.co	6500000	1
BELTRAN ROJAS MIGUEL ANGEL	COLOMBIA	CUNDINAMARCA	CAJICÁ	PROFESIONAL
El contratista se compromete con la Universidad Militar Nueva Granada a prestar sus servicios
2/1/2025	30/6/2025	CAMPUS NUEVA GRANADA	miguel.beltran@unimilitar.edu.co	6500000	1
BERNAL CASTILLO DANIELA	COLOMBIA	BOGOTÁ D.C	BOGOTÁ	MAGISTER
El contratista se compromete con la Universidad Militar Nueva Granada a prestar sus servicios
2/1/2025	30/6/2025	FACULTAD DE MEDICINA	daniela.bernal@unimilitar.edu.co	6500000	1
BOHORQUEZ PEREZ FELIPE	COLOMBIA	BOGOTÁ D.C	BOGOTÁ	PROFESIONAL
El contratista se compromete con la Universidad Militar Nueva Granada a prestar sus servicios
2/1/2025	30/6/2025	DIVISIÓN DE COMUNICACIONES	felipe.bohorquez@unimilitar.edu.co	6500000	1
Liderazgo estratégico con visión neogranadina
